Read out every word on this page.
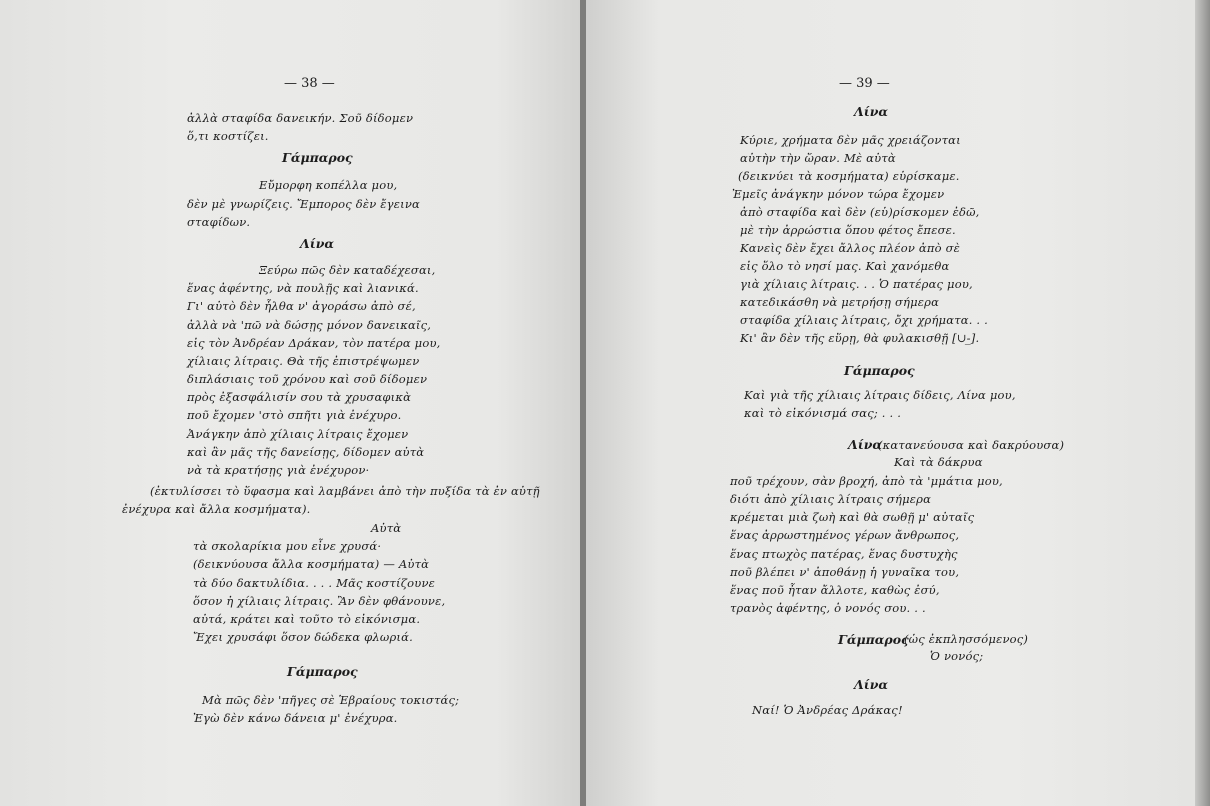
— 38 —
ἀλλὰ σταφίδα δανεικήν. Σοῦ δίδομεν
ὅ,τι κοστίζει.
Γάμπαρος
Εὔμορφη κοπέλλα μου,
δὲν μὲ γνωρίζεις. Ἔμπορος δὲν ἔγεινα
σταφίδων.
Λίνα
Ξεύρω πῶς δὲν καταδέχεσαι,
ἕνας ἀφέντης, νὰ πουλῇς καὶ λιανικά.
Γι' αὐτὸ δὲν ἦλθα ν' ἀγοράσω ἀπὸ σέ,
ἀλλὰ νὰ 'πῶ νὰ δώσῃς μόνον δανεικαῖς,
εἰς τὸν Ἀνδρέαν Δράκαν, τὸν πατέρα μου,
χίλιαις λίτραις. Θὰ τῆς ἐπιστρέψωμεν
διπλάσιαις τοῦ χρόνου καὶ σοῦ δίδομεν
πρὸς ἐξασφάλισίν σου τὰ χρυσαφικὰ
ποῦ ἔχομεν 'στὸ σπῆτι γιὰ ἐνέχυρο.
Ἀνάγκην ἀπὸ χίλιαις λίτραις ἔχομεν
καὶ ἂν μᾶς τῆς δανείσῃς, δίδομεν αὐτὰ
νὰ τὰ κρατήσῃς γιὰ ἐνέχυρον·
(ἐκτυλίσσει τὸ ὕφασμα καὶ λαμβάνει ἀπὸ τὴν πυξίδα τὰ ἐν αὐτῇ
ἐνέχυρα καὶ ἄλλα κοσμήματα).
Αὐτὰ
τὰ σκολαρίκια μου εἶνε χρυσά·
(δεικνύουσα ἄλλα κοσμήματα) — Αὐτὰ
τὰ δύο δακτυλίδια. . . . Μᾶς κοστίζουνε
ὅσον ἡ χίλιαις λίτραις. Ἂν δὲν φθάνουνε,
αὐτά, κράτει καὶ τοῦτο τὸ εἰκόνισμα.
Ἔχει χρυσάφι ὅσον δώδεκα φλωριά.
Γάμπαρος
Μὰ πῶς δὲν 'πῆγες σὲ Ἑβραίους τοκιστάς;
Ἐγὼ δὲν κάνω δάνεια μ' ἐνέχυρα.
— 39 —
Λίνα
Κύριε, χρήματα δὲν μᾶς χρειάζονται
αὐτὴν τὴν ὥραν. Μὲ αὐτὰ
(δεικνύει τὰ κοσμήματα) εὑρίσκαμε.
Ἐμεῖς ἀνάγκην μόνον τώρα ἔχομεν
ἀπὸ σταφίδα καὶ δὲν (εὑ)ρίσκομεν ἐδῶ,
μὲ τὴν ἀρρώστια ὅπου φέτος ἔπεσε.
Κανεὶς δὲν ἔχει ἄλλος πλέον ἀπὸ σὲ
εἰς ὅλο τὸ νησί μας. Καὶ χανόμεθα
γιὰ χίλιαις λίτραις. . . Ὁ πατέρας μου,
κατεδικάσθη νὰ μετρήσῃ σήμερα
σταφίδα χίλιαις λίτραις, ὄχι χρήματα. . .
Κι' ἂν δὲν τῆς εὕρῃ, θὰ φυλακισθῇ [∪-̲].
Γάμπαρος
Καὶ γιὰ τῆς χίλιαις λίτραις δίδεις, Λίνα μου,
καὶ τὸ εἰκόνισμά σας; . . .
Λίνα
(κατανεύουσα καὶ δακρύουσα)
Καὶ τὰ δάκρυα
ποῦ τρέχουν, σὰν βροχή, ἀπὸ τὰ 'μμάτια μου,
διότι ἀπὸ χίλιαις λίτραις σήμερα
κρέμεται μιὰ ζωὴ καὶ θὰ σωθῇ μ' αὐταῖς
ἕνας ἀρρωστημένος γέρων ἄνθρωπος,
ἕνας πτωχὸς πατέρας, ἕνας δυστυχὴς
ποῦ βλέπει ν' ἀποθάνῃ ἡ γυναῖκα του,
ἕνας ποῦ ἦταν ἄλλοτε, καθὼς ἐσύ,
τρανὸς ἀφέντης, ὁ νονός σου. . .
Γάμπαρος
(ὡς ἐκπλησσόμενος)
Ὁ νονός;
Λίνα
Ναί! Ὁ Ἀνδρέας Δράκας!
